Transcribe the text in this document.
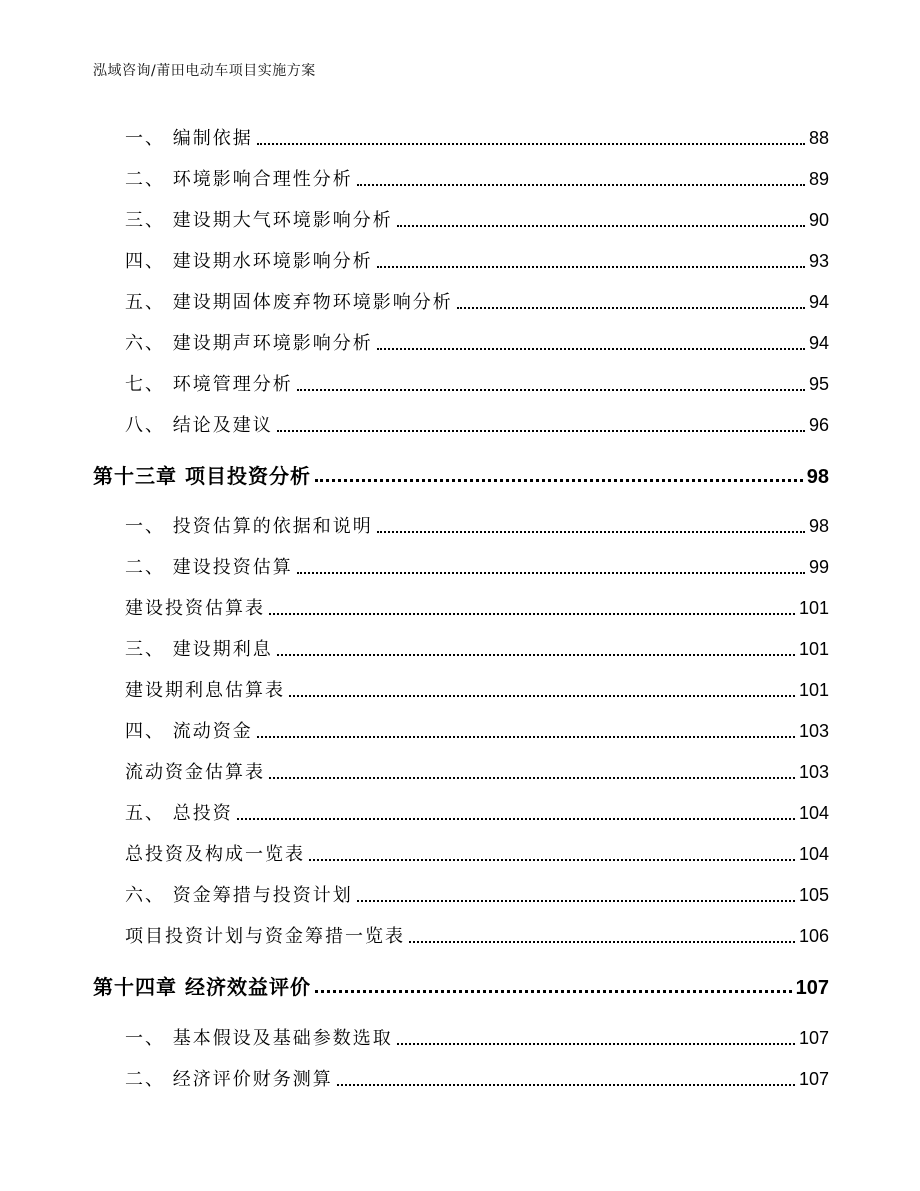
泓域咨询/莆田电动车项目实施方案
一、 编制依据	88
二、 环境影响合理性分析	89
三、 建设期大气环境影响分析	90
四、 建设期水环境影响分析	93
五、 建设期固体废弃物环境影响分析	94
六、 建设期声环境影响分析	94
七、 环境管理分析	95
八、 结论及建议	96
第十三章 项目投资分析	98
一、 投资估算的依据和说明	98
二、 建设投资估算	99
建设投资估算表	101
三、 建设期利息	101
建设期利息估算表	101
四、 流动资金	103
流动资金估算表	103
五、 总投资	104
总投资及构成一览表	104
六、 资金筹措与投资计划	105
项目投资计划与资金筹措一览表	106
第十四章 经济效益评价	107
一、 基本假设及基础参数选取	107
二、 经济评价财务测算	107
